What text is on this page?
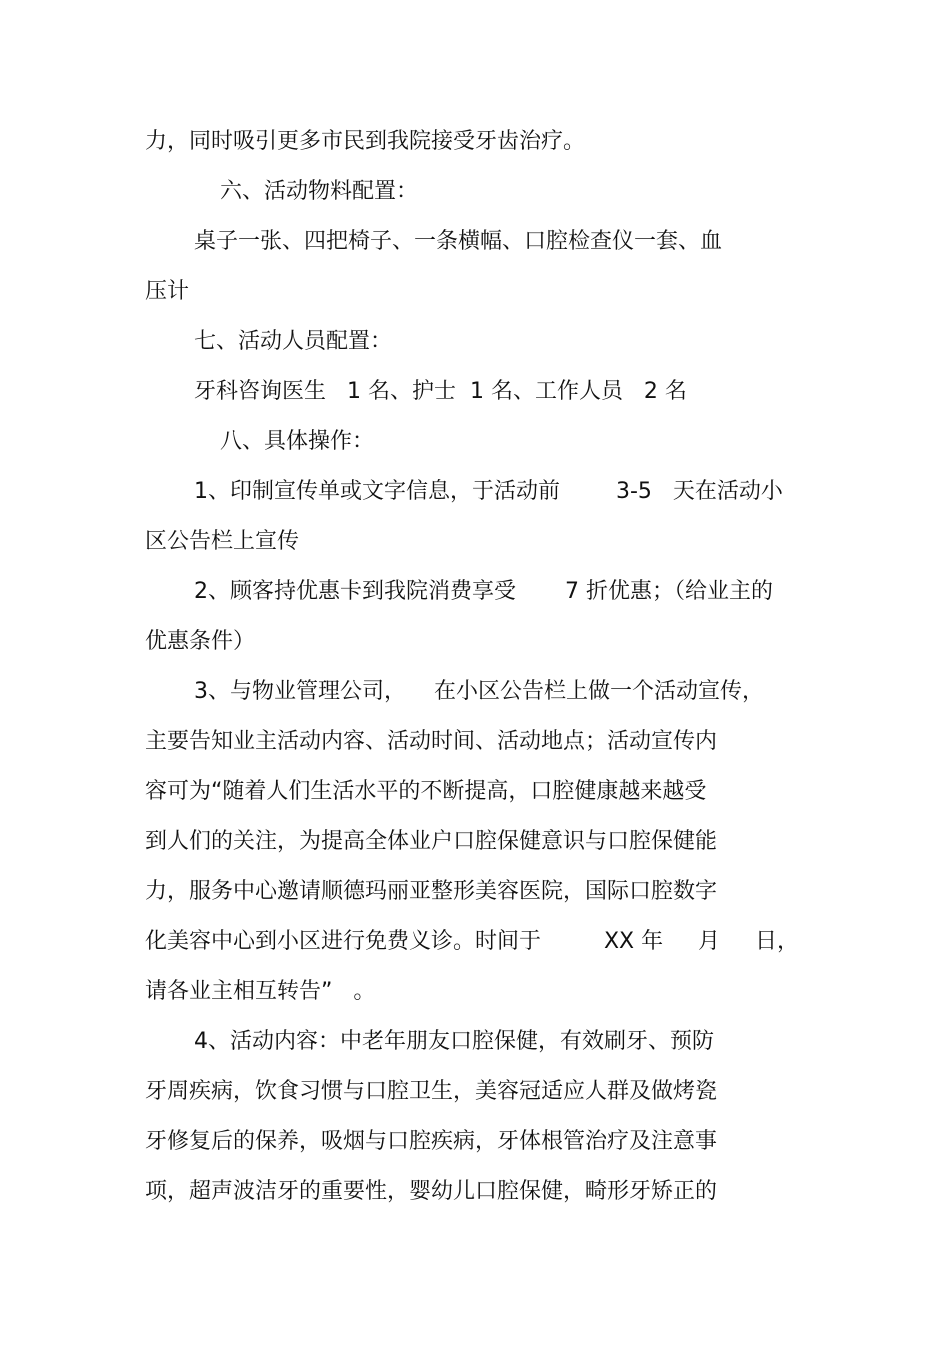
力，同时吸引更多市民到我院接受牙齿治疗。
六、活动物料配置：
桌子一张、四把椅子、一条横幅、口腔检查仪一套、血
压计
七、活动人员配置：
牙科咨询医生   1 名、护士  1 名、工作人员   2 名
八、具体操作：
1、印制宣传单或文字信息，于活动前        3-5   天在活动小
区公告栏上宣传
2、顾客持优惠卡到我院消费享受       7 折优惠；（给业主的
优惠条件）
3、与物业管理公司，    在小区公告栏上做一个活动宣传，
主要告知业主活动内容、活动时间、活动地点；活动宣传内
容可为“随着人们生活水平的不断提高，口腔健康越来越受
到人们的关注，为提高全体业户口腔保健意识与口腔保健能
力，服务中心邀请顺德玛丽亚整形美容医院，国际口腔数字
化美容中心到小区进行免费义诊。时间于         XX 年     月     日，
请各业主相互转告”   。
4、活动内容：中老年朋友口腔保健，有效刷牙、预防
牙周疾病，饮食习惯与口腔卫生，美容冠适应人群及做烤瓷
牙修复后的保养，吸烟与口腔疾病，牙体根管治疗及注意事
项，超声波洁牙的重要性，婴幼儿口腔保健，畸形牙矫正的
